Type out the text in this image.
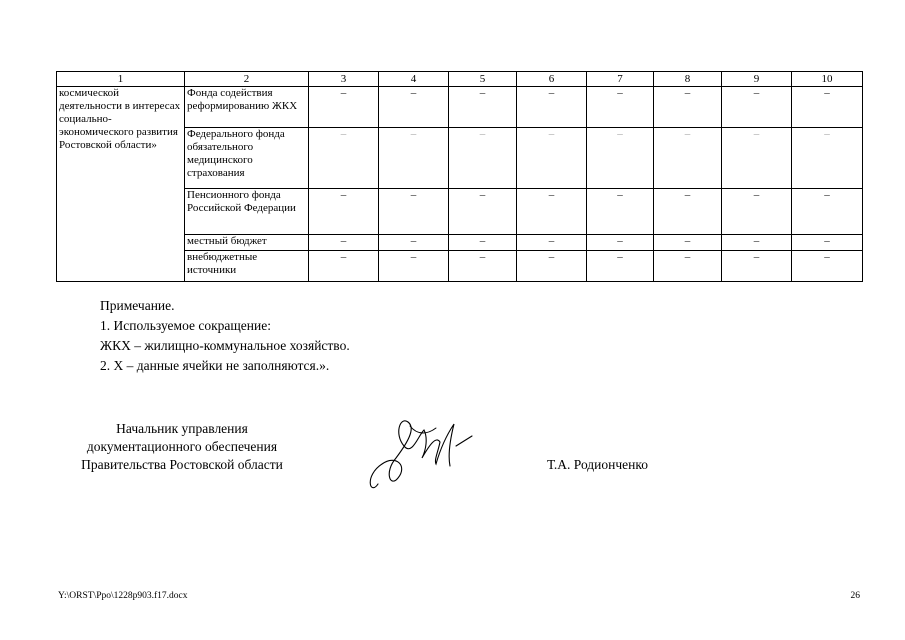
1	2	3	4	5	6	7	8	9	10
космической деятельности в интересах социально-экономического развития Ростовской области»	Фонда содействия реформированию ЖКХ	–	–	–	–	–	–	–	–
	Федерального фонда обязательного медицинского страхования	–	–	–	–	–	–	–	–
	Пенсионного фонда Российской Федерации	–	–	–	–	–	–	–	–
	местный бюджет	–	–	–	–	–	–	–	–
	внебюджетные источники	–	–	–	–	–	–	–	–
Примечание.
1. Используемое сокращение:
ЖКХ – жилищно-коммунальное хозяйство.
2. Х – данные ячейки не заполняются.».
Начальник управления
документационного обеспечения
Правительства Ростовской области	Т.А. Родионченко
Y:\ORST\Ppo\1228p903.f17.docx	26
